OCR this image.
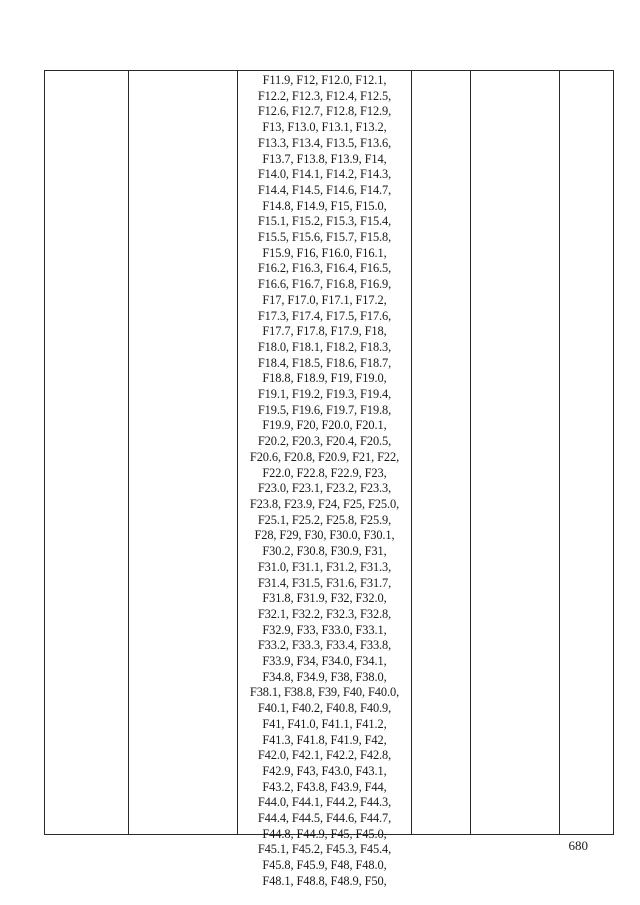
F11.9, F12, F12.0, F12.1,
F12.2, F12.3, F12.4, F12.5,
F12.6, F12.7, F12.8, F12.9,
F13, F13.0, F13.1, F13.2,
F13.3, F13.4, F13.5, F13.6,
F13.7, F13.8, F13.9, F14,
F14.0, F14.1, F14.2, F14.3,
F14.4, F14.5, F14.6, F14.7,
F14.8, F14.9, F15, F15.0,
F15.1, F15.2, F15.3, F15.4,
F15.5, F15.6, F15.7, F15.8,
F15.9, F16, F16.0, F16.1,
F16.2, F16.3, F16.4, F16.5,
F16.6, F16.7, F16.8, F16.9,
F17, F17.0, F17.1, F17.2,
F17.3, F17.4, F17.5, F17.6,
F17.7, F17.8, F17.9, F18,
F18.0, F18.1, F18.2, F18.3,
F18.4, F18.5, F18.6, F18.7,
F18.8, F18.9, F19, F19.0,
F19.1, F19.2, F19.3, F19.4,
F19.5, F19.6, F19.7, F19.8,
F19.9, F20, F20.0, F20.1,
F20.2, F20.3, F20.4, F20.5,
F20.6, F20.8, F20.9, F21, F22,
F22.0, F22.8, F22.9, F23,
F23.0, F23.1, F23.2, F23.3,
F23.8, F23.9, F24, F25, F25.0,
F25.1, F25.2, F25.8, F25.9,
F28, F29, F30, F30.0, F30.1,
F30.2, F30.8, F30.9, F31,
F31.0, F31.1, F31.2, F31.3,
F31.4, F31.5, F31.6, F31.7,
F31.8, F31.9, F32, F32.0,
F32.1, F32.2, F32.3, F32.8,
F32.9, F33, F33.0, F33.1,
F33.2, F33.3, F33.4, F33.8,
F33.9, F34, F34.0, F34.1,
F34.8, F34.9, F38, F38.0,
F38.1, F38.8, F39, F40, F40.0,
F40.1, F40.2, F40.8, F40.9,
F41, F41.0, F41.1, F41.2,
F41.3, F41.8, F41.9, F42,
F42.0, F42.1, F42.2, F42.8,
F42.9, F43, F43.0, F43.1,
F43.2, F43.8, F43.9, F44,
F44.0, F44.1, F44.2, F44.3,
F44.4, F44.5, F44.6, F44.7,
F44.8, F44.9, F45, F45.0,
F45.1, F45.2, F45.3, F45.4,
F45.8, F45.9, F48, F48.0,
F48.1, F48.8, F48.9, F50,
680
